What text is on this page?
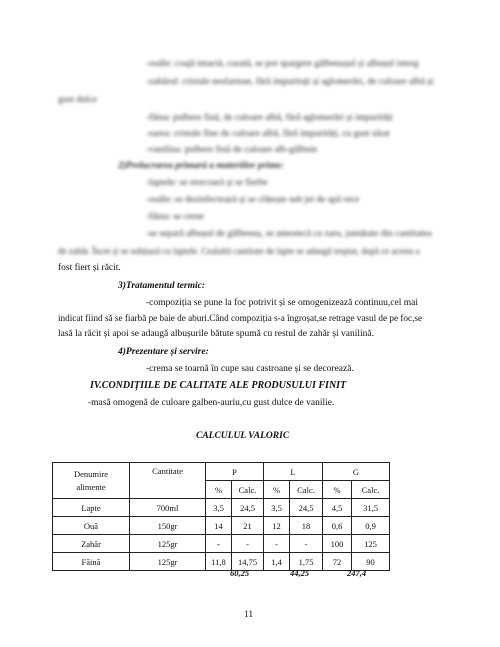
-ouăle: coajă intactă, curată, se pot spargere gălbenușul și albușul intreg
-zahărul: cristale nesfarmae, fără impuritați și aglomerări, de culoare albă și
gust dulce
-făina: pulbere fină, de culoare albă, fără aglomerări și impurități
-sarea: cristale fine de culoare albă, fără impurități, cu gust sărat
-vanilina: pulbere fină de culoare alb-gălbuie
2)Prelucrarea primară a materiilor prime:
-laptele: se strecoară și se fierbe
-ouăle: se dezinfectează și se clătește sub jet de apă rece
-făina: se cerne
-se separă albușul de gălbenuș, se amestecă cu zaru, jumătate din cantitatea
de zahăr. Încet și se subțiază cu laptele. Cealaltă cantitate de lapte se adaugă treptat, după ce acesta a
fost fiert și răcit.
3)Tratamentul termic:
-compoziția se pune la foc potrivit și se omogenizează continuu,cel mai
indicat fiind să se fiarbă pe baie de aburi.Când compoziția s-a îngroșat,se retrage vasul de pe foc,se
lasă la răcit și apoi se adaugă albușurile bătute spumă cu restul de zahăr și vanilină.
4)Prezentare și servire:
-crema se toarnă în cupe sau castroane și se decorează.
IV.CONDIȚIILE DE CALITATE ALE PRODUSULUI FINIT
-masă omogenă de culoare galben-auriu,cu gust dulce de vanilie.
CALCULUL VALORIC
Denumire
alimente	Cantitate	P		L		G	
		%	Calc.	%	Calc.	%	Calc.
Lapte	700ml	3,5	24,5	3,5	24,5	4,5	31,5
Ouă	150gr	14	21	12	18	0,6	0,9
Zahăr	125gr	-	-	-	-	100	125
Făină	125gr	11,8	14,75	1,4	1,75	72	90
60,25	44,25	247,4
11
